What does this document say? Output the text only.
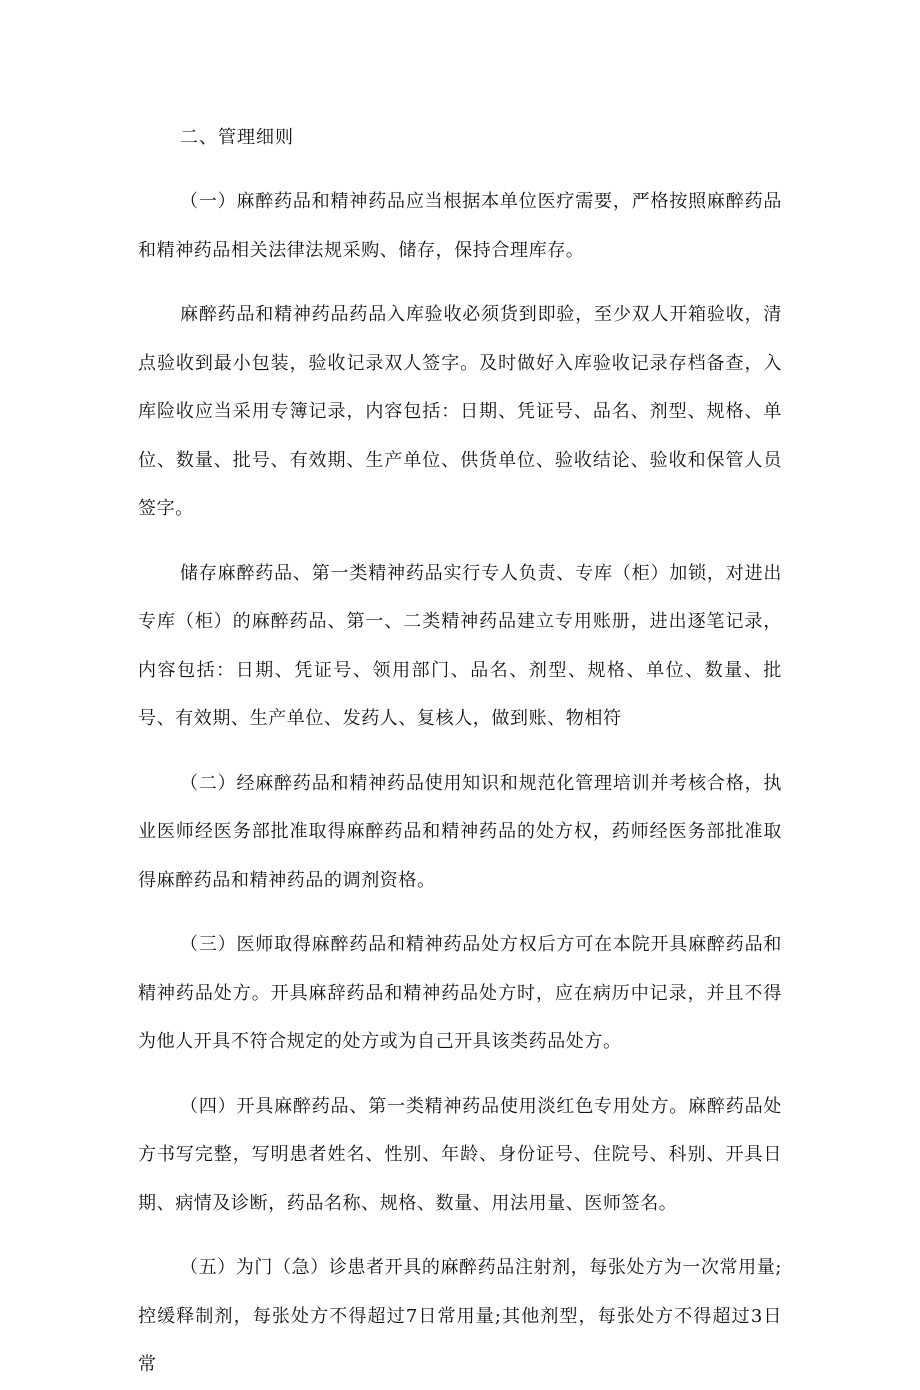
二、管理细则

（一）麻醉药品和精神药品应当根据本单位医疗需要，严格按照麻醉药品和精神药品相关法律法规采购、储存，保持合理库存。

麻醉药品和精神药品药品入库验收必须货到即验，至少双人开箱验收，清点验收到最小包装，验收记录双人签字。及时做好入库验收记录存档备查，入库险收应当采用专簿记录，内容包括：日期、凭证号、品名、剂型、规格、单位、数量、批号、有效期、生产单位、供货单位、验收结论、验收和保管人员签字。

储存麻醉药品、第一类精神药品实行专人负责、专库（柜）加锁，对进出专库（柜）的麻醉药品、第一、二类精神药品建立专用账册，进出逐笔记录，内容包括：日期、凭证号、领用部门、品名、剂型、规格、单位、数量、批号、有效期、生产单位、发药人、复核人，做到账、物相符

（二）经麻醉药品和精神药品使用知识和规范化管理培训并考核合格，执业医师经医务部批准取得麻醉药品和精神药品的处方权，药师经医务部批准取得麻醉药品和精神药品的调剂资格。

（三）医师取得麻醉药品和精神药品处方权后方可在本院开具麻醉药品和精神药品处方。开具麻辞药品和精神药品处方时，应在病历中记录，并且不得为他人开具不符合规定的处方或为自己开具该类药品处方。

（四）开具麻醉药品、第一类精神药品使用淡红色专用处方。麻醉药品处方书写完整，写明患者姓名、性别、年龄、身份证号、住院号、科别、开具日期、病情及诊断，药品名称、规格、数量、用法用量、医师签名。

（五）为门（急）诊患者开具的麻醉药品注射剂，每张处方为一次常用量;控缓释制剂，每张处方不得超过7日常用量;其他剂型，每张处方不得超过3日常
